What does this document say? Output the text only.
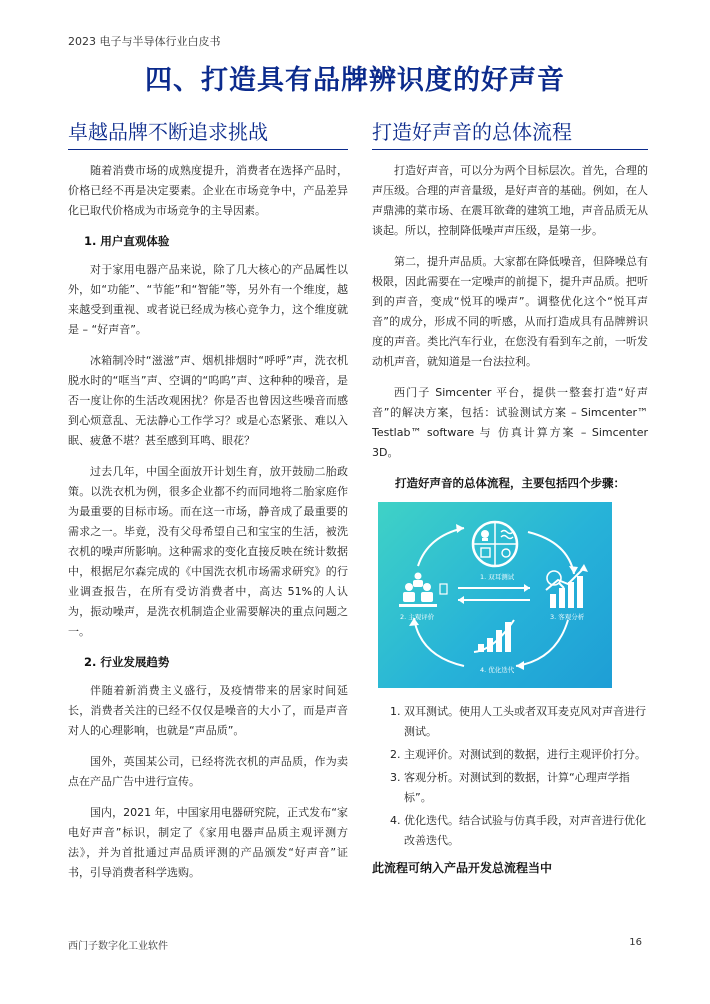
2023 电子与半导体行业白皮书
四、打造具有品牌辨识度的好声音
卓越品牌不断追求挑战

随着消费市场的成熟度提升，消费者在选择产品时，价格已经不再是决定要素。企业在市场竞争中，产品差异化已取代价格成为市场竞争的主导因素。

1. 用户直观体验

对于家用电器产品来说，除了几大核心的产品属性以外，如“功能”、“节能”和“智能”等，另外有一个维度，越来越受到重视、或者说已经成为核心竞争力，这个维度就是 – “好声音”。

冰箱制冷时“滋滋”声、烟机排烟时“呼呼”声，洗衣机脱水时的“哐当”声、空调的“呜呜”声、这种种的噪音，是否一度让你的生活改观困扰？你是否也曾因这些噪音而感到心烦意乱、无法静心工作学习？或是心态紧张、难以入眠、疲惫不堪？甚至感到耳鸣、眼花？

过去几年，中国全面放开计划生育，放开鼓励二胎政策。以洗衣机为例，很多企业都不约而同地将二胎家庭作为最重要的目标市场。而在这一市场，静音成了最重要的需求之一。毕竟，没有父母希望自己和宝宝的生活，被洗衣机的噪声所影响。这种需求的变化直接反映在统计数据中，根据尼尔森完成的《中国洗衣机市场需求研究》的行业调查报告，在所有受访消费者中，高达 51%的人认为，振动噪声，是洗衣机制造企业需要解决的重点问题之一。

2. 行业发展趋势

伴随着新消费主义盛行，及疫情带来的居家时间延长，消费者关注的已经不仅仅是噪音的大小了，而是声音对人的心理影响，也就是“声品质”。

国外，英国某公司，已经将洗衣机的声品质，作为卖点在产品广告中进行宣传。

国内，2021 年，中国家用电器研究院，正式发布“家电好声音”标识，制定了《家用电器声品质主观评测方法》，并为首批通过声品质评测的产品颁发“好声音”证书，引导消费者科学选购。

打造好声音的总体流程

打造好声音，可以分为两个目标层次。首先，合理的声压级。合理的声音量级，是好声音的基础。例如，在人声鼎沸的菜市场、在震耳欲聋的建筑工地，声音品质无从谈起。所以，控制降低噪声声压级，是第一步。

第二，提升声品质。大家都在降低噪音，但降噪总有极限，因此需要在一定噪声的前提下，提升声品质。把听到的声音，变成“悦耳的噪声”。调整优化这个“悦耳声音”的成分，形成不同的听感，从而打造成具有品牌辨识度的声音。类比汽车行业，在您没有看到车之前，一听发动机声音，就知道是一台法拉利。

西门子 Simcenter 平台，提供一整套打造“好声音”的解决方案，包括：试验测试方案 – Simcenter™ Testlab™ software 与 仿真计算方案 – Simcenter 3D。

打造好声音的总体流程，主要包括四个步骤：
1. 双耳测试
2. 主观评价	3. 客观分析
4. 优化迭代
1. 双耳测试。使用人工头或者双耳麦克风对声音进行测试。
2. 主观评价。对测试到的数据，进行主观评价打分。
3. 客观分析。对测试到的数据，计算“心理声学指标”。
4. 优化迭代。结合试验与仿真手段，对声音进行优化改善迭代。
此流程可纳入产品开发总流程当中
西门子数字化工业软件	16
